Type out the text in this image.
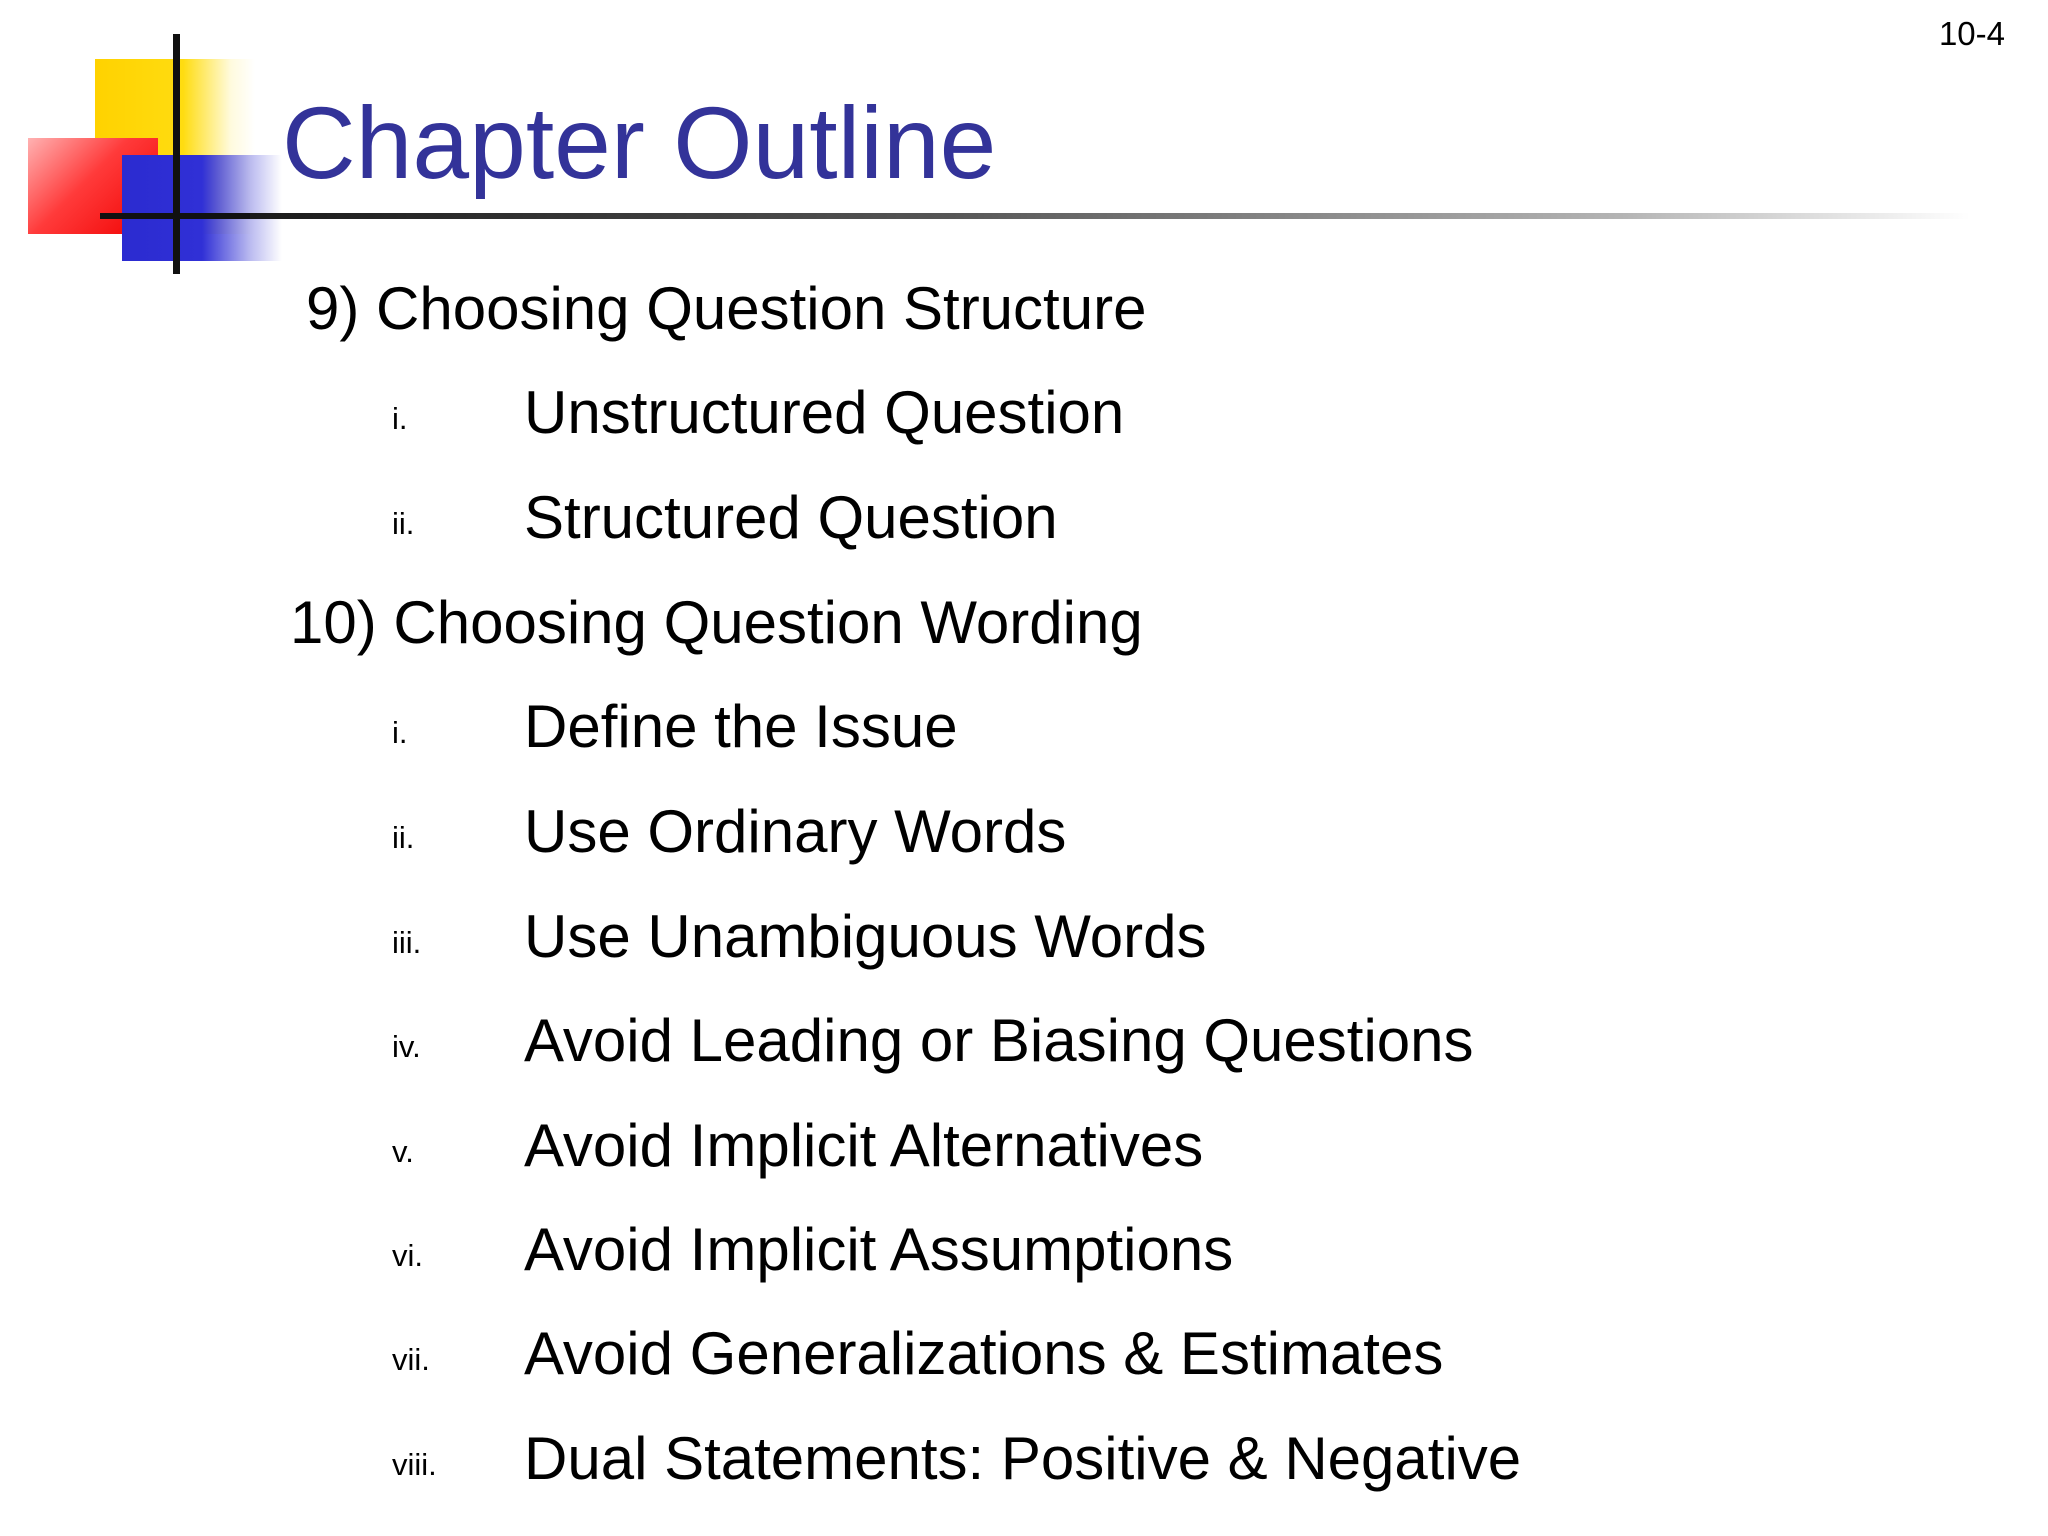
10-4
Chapter Outline
9) Choosing Question Structure
i. Unstructured Question
ii. Structured Question
10) Choosing Question Wording
i. Define the Issue
ii. Use Ordinary Words
iii. Use Unambiguous Words
iv. Avoid Leading or Biasing Questions
v. Avoid Implicit Alternatives
vi. Avoid Implicit Assumptions
vii. Avoid Generalizations & Estimates
viii. Dual Statements: Positive & Negative
